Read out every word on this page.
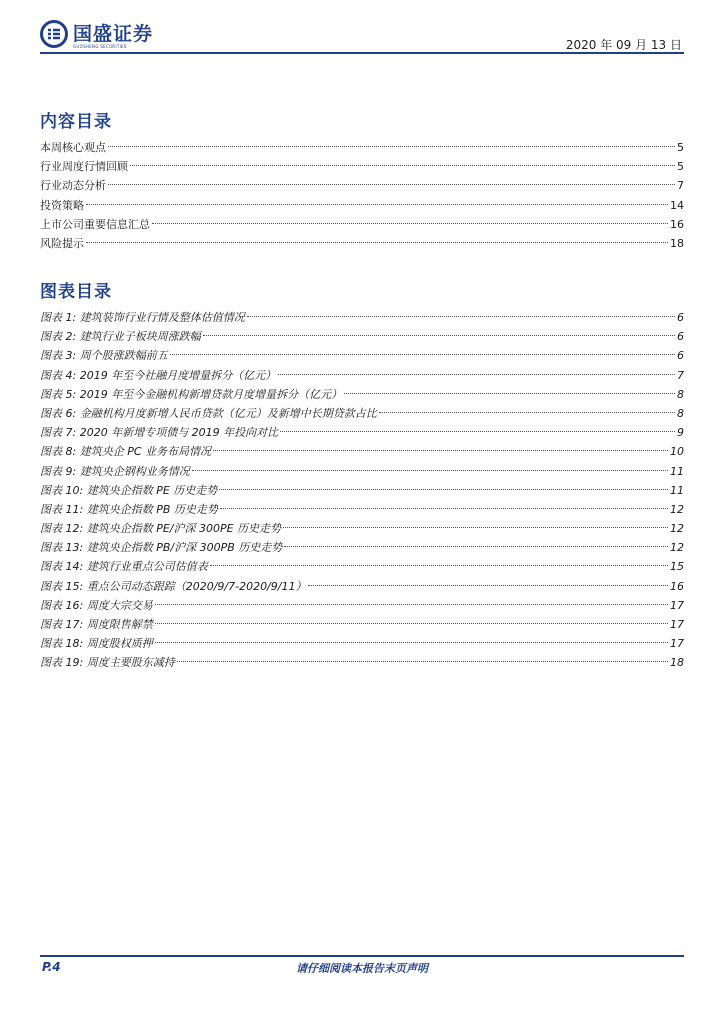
国盛证券
GUOSHENG SECURITIES	2020 年 09 月 13 日
内容目录
本周核心观点	5
行业周度行情回顾	5
行业动态分析	7
投资策略	14
上市公司重要信息汇总	16
风险提示	18
图表目录
图表 1: 建筑装饰行业行情及整体估值情况	6
图表 2: 建筑行业子板块周涨跌幅	6
图表 3: 周个股涨跌幅前五	6
图表 4: 2019 年至今社融月度增量拆分（亿元）	7
图表 5: 2019 年至今金融机构新增贷款月度增量拆分（亿元）	8
图表 6: 金融机构月度新增人民币贷款（亿元）及新增中长期贷款占比	8
图表 7: 2020 年新增专项债与 2019 年投向对比	9
图表 8: 建筑央企 PC 业务布局情况	10
图表 9: 建筑央企钢构业务情况	11
图表 10: 建筑央企指数 PE 历史走势	11
图表 11: 建筑央企指数 PB 历史走势	12
图表 12: 建筑央企指数 PE/沪深 300PE 历史走势	12
图表 13: 建筑央企指数 PB/沪深 300PB 历史走势	12
图表 14: 建筑行业重点公司估值表	15
图表 15: 重点公司动态跟踪（2020/9/7-2020/9/11）	16
图表 16: 周度大宗交易	17
图表 17: 周度限售解禁	17
图表 18: 周度股权质押	17
图表 19: 周度主要股东减持	18
P.4	请仔细阅读本报告末页声明
